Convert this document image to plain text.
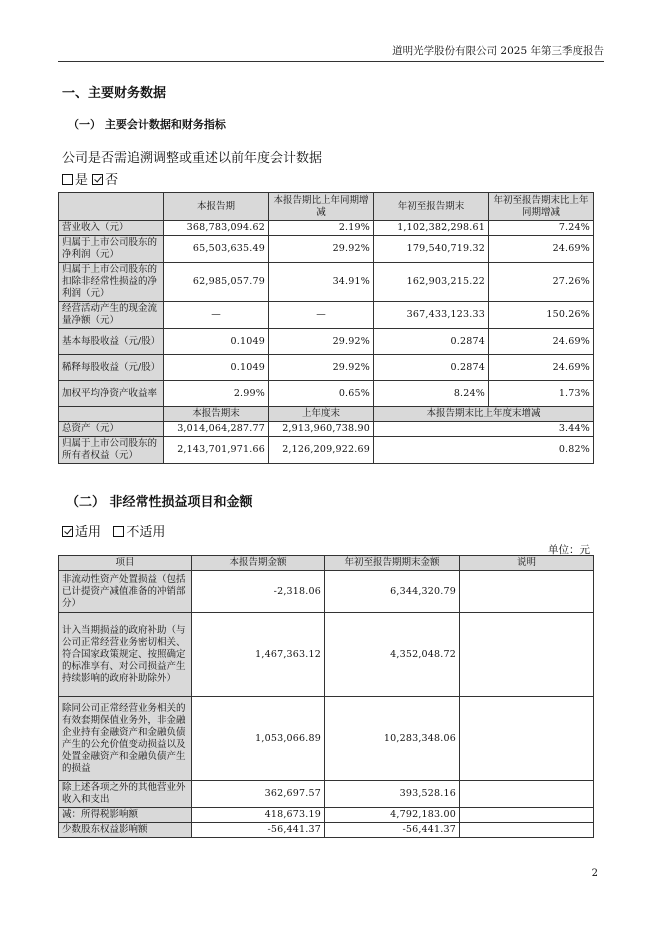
道明光学股份有限公司 2025 年第三季度报告
一、主要财务数据
（一） 主要会计数据和财务指标
公司是否需追溯调整或重述以前年度会计数据
是 否
	本报告期	本报告期比上年同期增减	年初至报告期末	年初至报告期末比上年同期增减
营业收入（元）	368,783,094.62	2.19%	1,102,382,298.61	7.24%
归属于上市公司股东的净利润（元）	65,503,635.49	29.92%	179,540,719.32	24.69%
归属于上市公司股东的扣除非经常性损益的净利润（元）	62,985,057.79	34.91%	162,903,215.22	27.26%
经营活动产生的现金流量净额（元）	—	—	367,433,123.33	150.26%
基本每股收益（元/股）	0.1049	29.92%	0.2874	24.69%
稀释每股收益（元/股）	0.1049	29.92%	0.2874	24.69%
加权平均净资产收益率	2.99%	0.65%	8.24%	1.73%
	本报告期末	上年度末	本报告期末比上年度末增减	
总资产（元）	3,014,064,287.77	2,913,960,738.90	3.44%	
归属于上市公司股东的所有者权益（元）	2,143,701,971.66	2,126,209,922.69	0.82%	
（二） 非经常性损益项目和金额
适用 不适用
单位：元
项目	本报告期金额	年初至报告期期末金额	说明
非流动性资产处置损益（包括已计提资产减值准备的冲销部分）	-2,318.06	6,344,320.79	
计入当期损益的政府补助（与公司正常经营业务密切相关、符合国家政策规定、按照确定的标准享有、对公司损益产生持续影响的政府补助除外）	1,467,363.12	4,352,048.72	
除同公司正常经营业务相关的有效套期保值业务外，非金融企业持有金融资产和金融负债产生的公允价值变动损益以及处置金融资产和金融负债产生的损益	1,053,066.89	10,283,348.06	
除上述各项之外的其他营业外收入和支出	362,697.57	393,528.16	
减：所得税影响额	418,673.19	4,792,183.00	
少数股东权益影响额	-56,441.37	-56,441.37	
2
